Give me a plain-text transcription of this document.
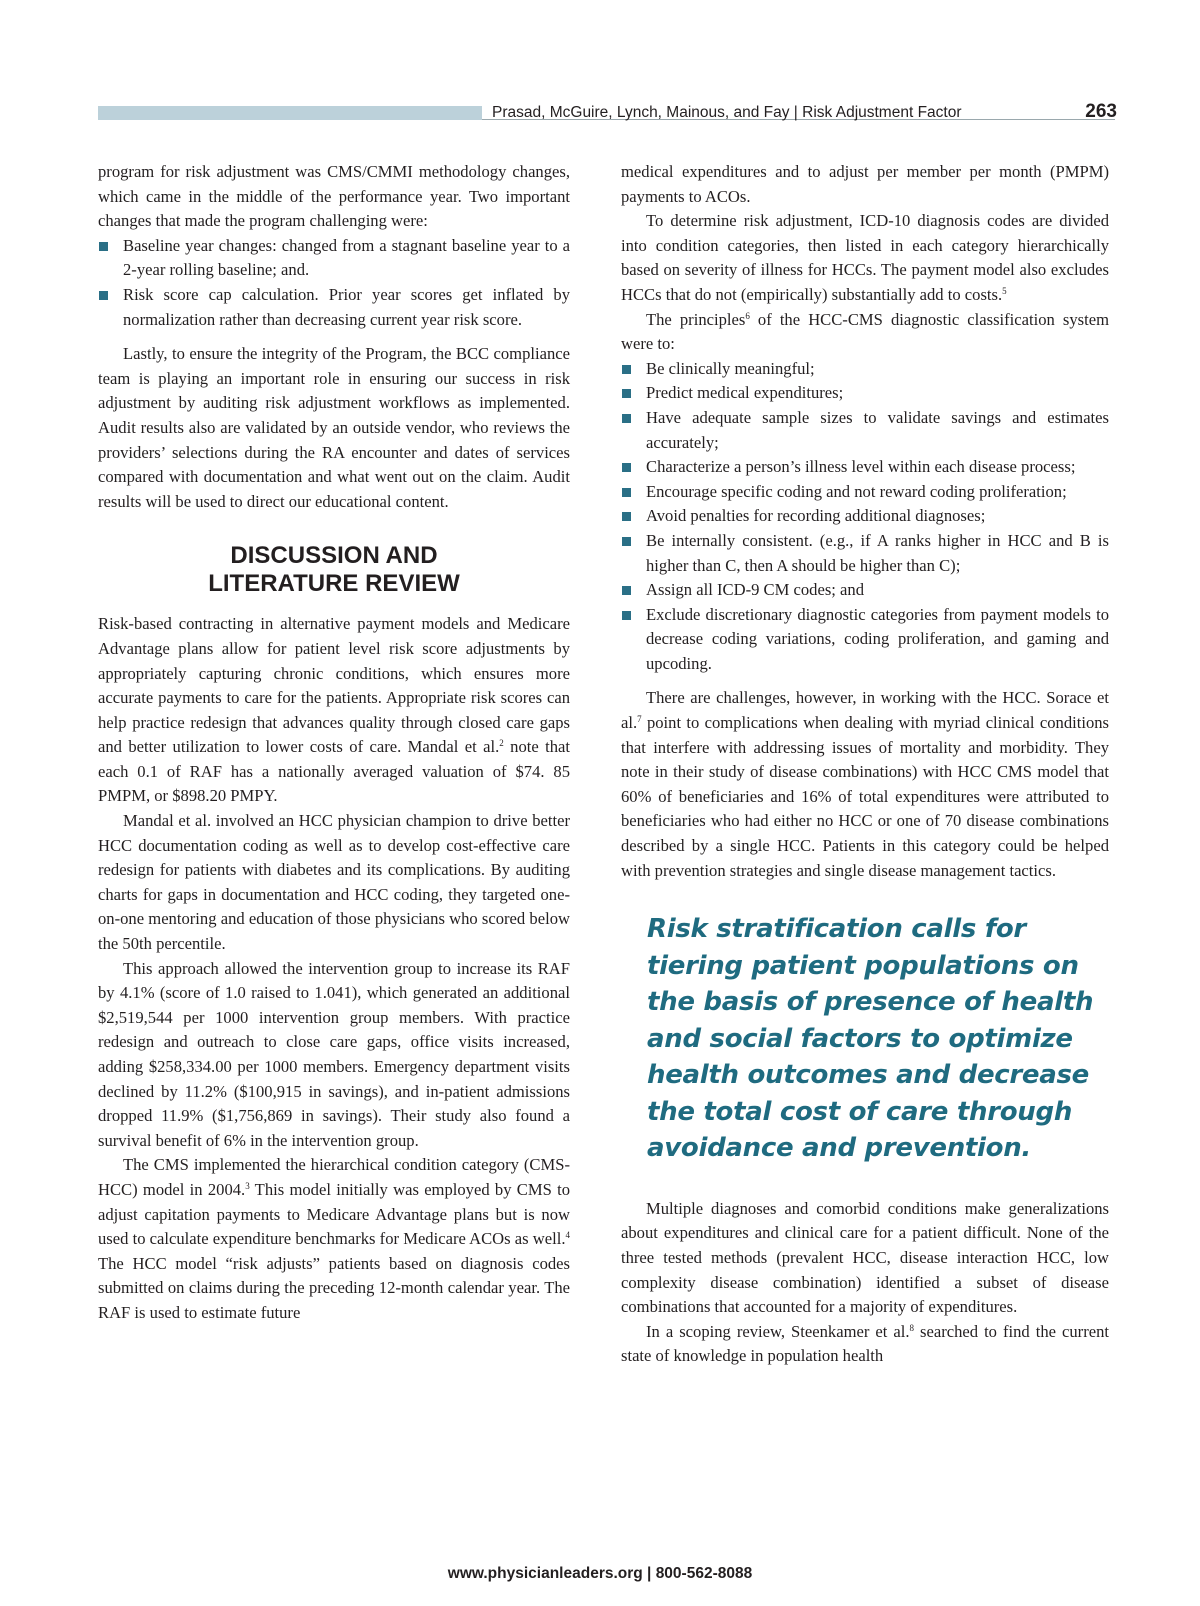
Prasad, McGuire, Lynch, Mainous, and Fay | Risk Adjustment Factor	263

program for risk adjustment was CMS/CMMI methodology changes, which came in the middle of the performance year. Two important changes that made the program challenging were:

Baseline year changes: changed from a stagnant baseline year to a 2-year rolling baseline; and.
Risk score cap calculation. Prior year scores get inflated by normalization rather than decreasing current year risk score.

Lastly, to ensure the integrity of the Program, the BCC compliance team is playing an important role in ensuring our success in risk adjustment by auditing risk adjustment workflows as implemented. Audit results also are validated by an outside vendor, who reviews the providers’ selections during the RA encounter and dates of services compared with documentation and what went out on the claim. Audit results will be used to direct our educational content.

DISCUSSION AND
LITERATURE REVIEW

Risk-based contracting in alternative payment models and Medicare Advantage plans allow for patient level risk score adjustments by appropriately capturing chronic conditions, which ensures more accurate payments to care for the patients. Appropriate risk scores can help practice redesign that advances quality through closed care gaps and better utilization to lower costs of care. Mandal et al.$^2$ note that each 0.1 of RAF has a nationally averaged valuation of $74. 85 PMPM, or $898.20 PMPY.

Mandal et al. involved an HCC physician champion to drive better HCC documentation coding as well as to develop cost-effective care redesign for patients with diabetes and its complications. By auditing charts for gaps in documentation and HCC coding, they targeted one-on-one mentoring and education of those physicians who scored below the 50th percentile.

This approach allowed the intervention group to increase its RAF by 4.1% (score of 1.0 raised to 1.041), which generated an additional $2,519,544 per 1000 intervention group members. With practice redesign and outreach to close care gaps, office visits increased, adding $258,334.00 per 1000 members. Emergency department visits declined by 11.2% ($100,915 in savings), and in-patient admissions dropped 11.9% ($1,756,869 in savings). Their study also found a survival benefit of 6% in the intervention group.

The CMS implemented the hierarchical condition category (CMS-HCC) model in 2004.$^3$ This model initially was employed by CMS to adjust capitation payments to Medicare Advantage plans but is now used to calculate expenditure benchmarks for Medicare ACOs as well.$^4$ The HCC model “risk adjusts” patients based on diagnosis codes submitted on claims during the preceding 12-month calendar year. The RAF is used to estimate future

medical expenditures and to adjust per member per month (PMPM) payments to ACOs.

To determine risk adjustment, ICD-10 diagnosis codes are divided into condition categories, then listed in each category hierarchically based on severity of illness for HCCs. The payment model also excludes HCCs that do not (empirically) substantially add to costs.$^5$

The principles$^6$ of the HCC-CMS diagnostic classification system were to:

Be clinically meaningful;
Predict medical expenditures;
Have adequate sample sizes to validate savings and estimates accurately;
Characterize a person’s illness level within each disease process;
Encourage specific coding and not reward coding proliferation;
Avoid penalties for recording additional diagnoses;
Be internally consistent. (e.g., if A ranks higher in HCC and B is higher than C, then A should be higher than C);
Assign all ICD-9 CM codes; and
Exclude discretionary diagnostic categories from payment models to decrease coding variations, coding proliferation, and gaming and upcoding.

There are challenges, however, in working with the HCC. Sorace et al.$^7$ point to complications when dealing with myriad clinical conditions that interfere with addressing issues of mortality and morbidity. They note in their study of disease combinations) with HCC CMS model that 60% of beneficiaries and 16% of total expenditures were attributed to beneficiaries who had either no HCC or one of 70 disease combinations described by a single HCC. Patients in this category could be helped with prevention strategies and single disease management tactics.

Risk stratification calls for
tiering patient populations on
the basis of presence of health
and social factors to optimize
health outcomes and decrease
the total cost of care through
avoidance and prevention.

Multiple diagnoses and comorbid conditions make generalizations about expenditures and clinical care for a patient difficult. None of the three tested methods (prevalent HCC, disease interaction HCC, low complexity disease combination) identified a subset of disease combinations that accounted for a majority of expenditures.

In a scoping review, Steenkamer et al.$^8$ searched to find the current state of knowledge in population health

www.physicianleaders.org | 800-562-8088
